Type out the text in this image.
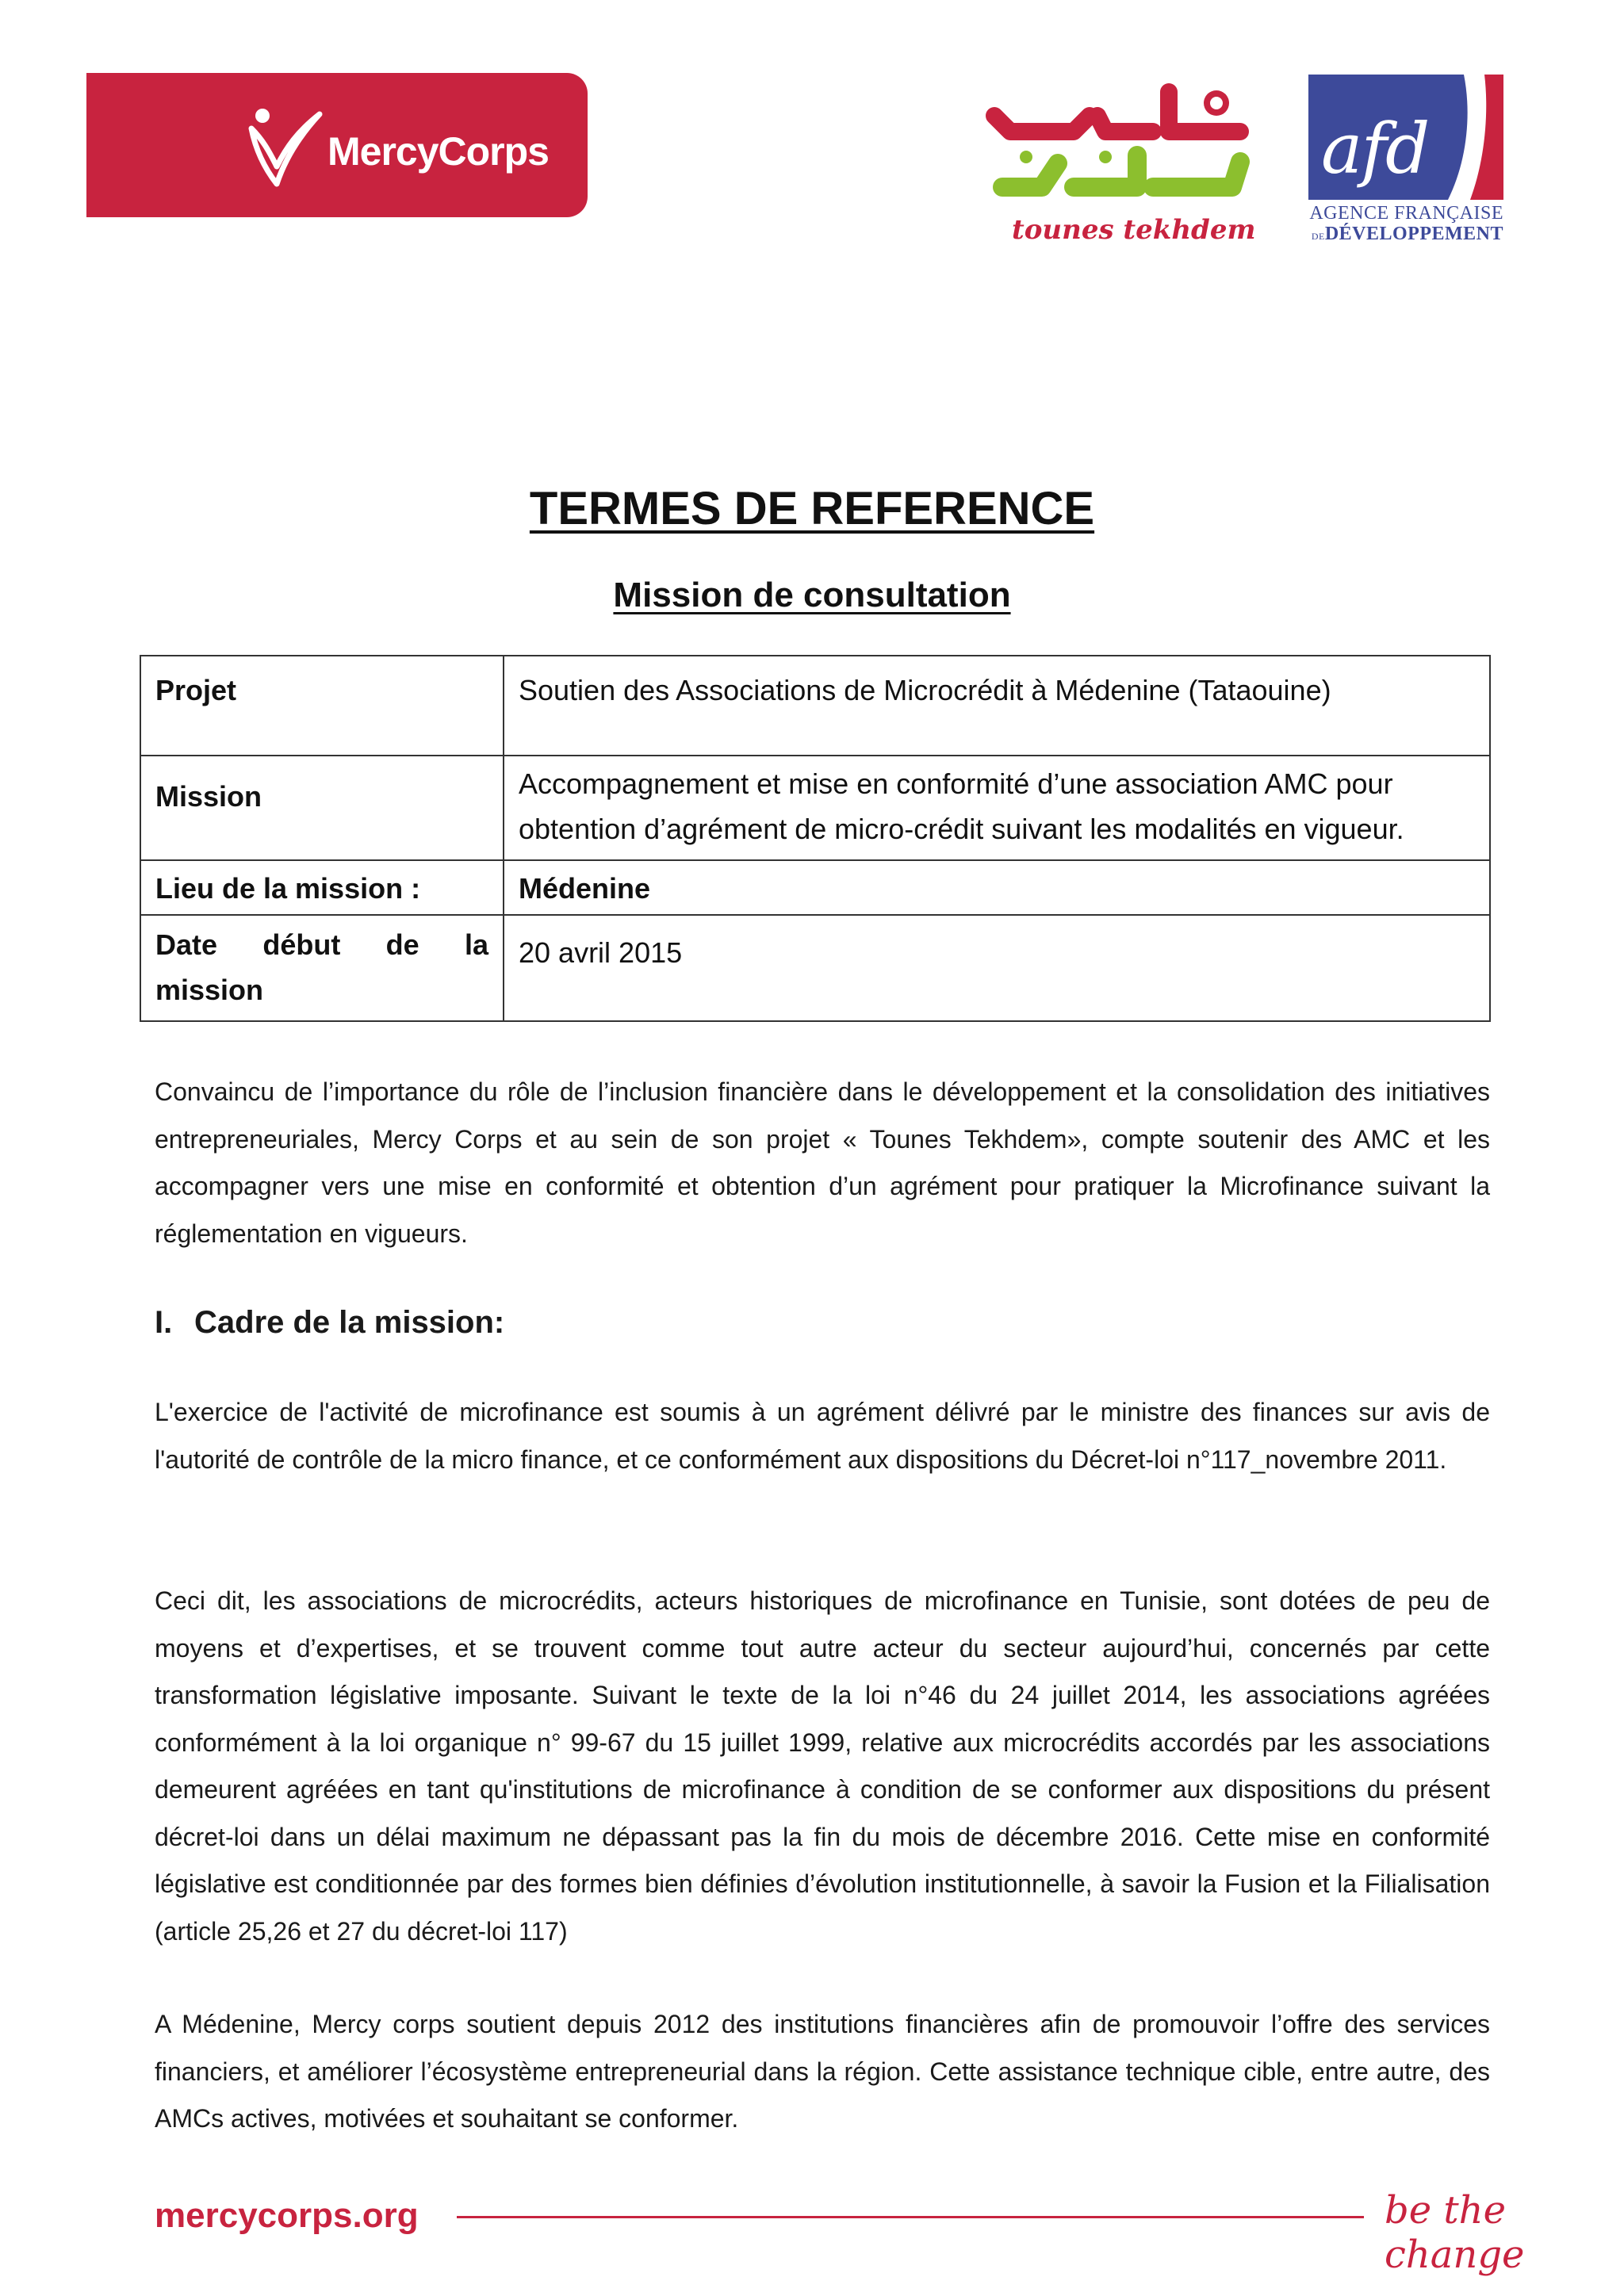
MercyCorps
tounes tekhdem
afd
AGENCE FRANÇAISE
DEDÉVELOPPEMENT
TERMES DE REFERENCE
Mission de consultation
Projet	Soutien des Associations de Microcrédit à Médenine (Tataouine)
Mission	Accompagnement et mise en conformité d’une association AMC pour
obtention d’agrément de micro-crédit suivant les modalités en vigueur.

Lieu de la mission :	Médenine

Date début de la
mission	20 avril 2015

Convaincu de l’importance du rôle de l’inclusion financière dans le développement et la consolidation des initiatives entrepreneuriales, Mercy Corps et au sein de son projet « Tounes Tekhdem», compte soutenir des AMC et les accompagner vers une mise en conformité et obtention d’un agrément pour pratiquer la Microfinance suivant la réglementation en vigueurs.

I. Cadre de la mission:

L'exercice de l'activité de microfinance est soumis à un agrément délivré par le ministre des finances sur avis de l'autorité de contrôle de la micro finance, et ce conformément aux dispositions du Décret-loi n°117_novembre 2011.

Ceci dit, les associations de microcrédits, acteurs historiques de microfinance en Tunisie, sont dotées de peu de moyens et d’expertises, et se trouvent comme tout autre acteur du secteur aujourd’hui, concernés par cette transformation législative imposante. Suivant le texte de la loi n°46 du 24 juillet 2014, les associations agréées conformément à la loi organique n° 99-67 du 15 juillet 1999, relative aux microcrédits accordés par les associations demeurent agréées en tant qu'institutions de microfinance à condition de se conformer aux dispositions du présent décret-loi dans un délai maximum ne dépassant pas la fin du mois de décembre 2016. Cette mise en conformité législative est conditionnée par des formes bien définies d’évolution institutionnelle, à savoir la Fusion et la Filialisation (article 25,26 et 27 du décret-loi 117)

A Médenine, Mercy corps soutient depuis 2012 des institutions financières afin de promouvoir l’offre des services financiers, et améliorer l’écosystème entrepreneurial dans la région. Cette assistance technique cible, entre autre, des AMCs actives, motivées et souhaitant se conformer.

mercycorps.org	be the change
